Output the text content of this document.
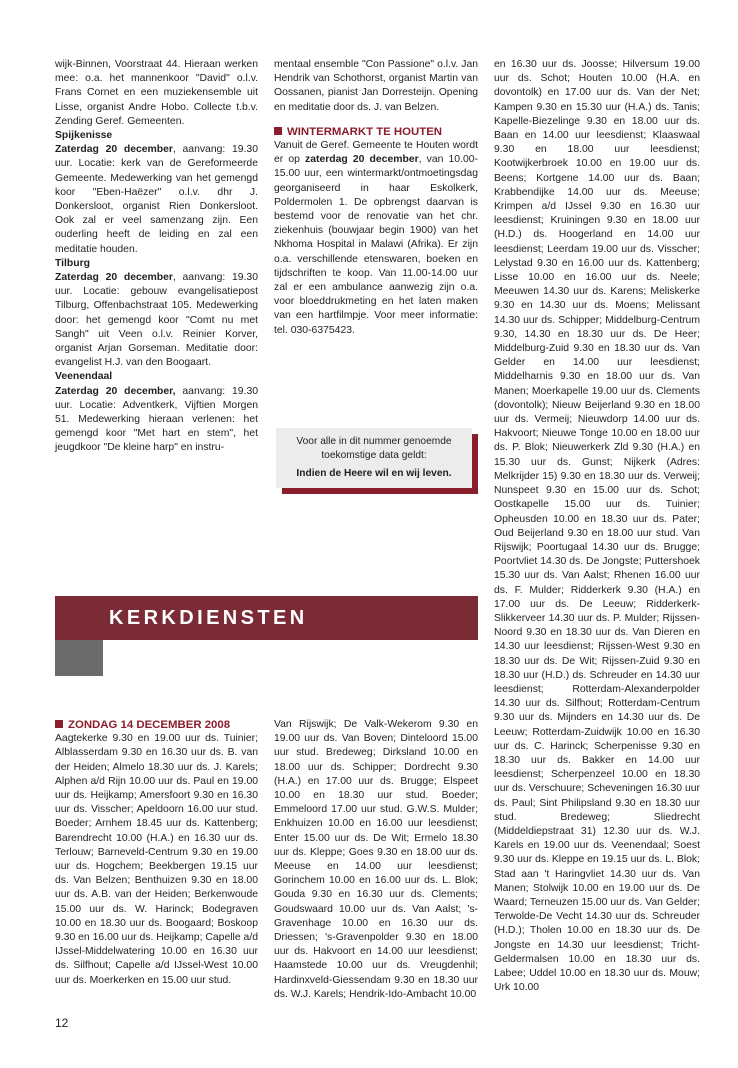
wijk-Binnen, Voorstraat 44. Hieraan werken mee: o.a. het mannenkoor "David" o.l.v. Frans Cornet en een muziekensemble uit Lisse, organist Andre Hobo. Collecte t.b.v. Zending Geref. Gemeenten.

Spijkenisse
Zaterdag 20 december, aanvang: 19.30 uur. Locatie: kerk van de Gereformeerde Gemeente. Medewerking van het gemengd koor "Eben-Haëzer" o.l.v. dhr J. Donkersloot, organist Rien Donkersloot. Ook zal er veel samenzang zijn. Een ouderling heeft de leiding en zal een meditatie houden.

Tilburg
Zaterdag 20 december, aanvang: 19.30 uur. Locatie: gebouw evangelisatiepost Tilburg, Offenbachstraat 105. Medewerking door: het gemengd koor "Comt nu met Sangh" uit Veen o.l.v. Reinier Korver, organist Arjan Gorseman. Meditatie door: evangelist H.J. van den Boogaart.

Veenendaal
Zaterdag 20 december, aanvang: 19.30 uur. Locatie: Adventkerk, Vijftien Morgen 51. Medewerking hieraan verlenen: het gemengd koor "Met hart en stem", het jeugdkoor "De kleine harp" en instru-

mentaal ensemble "Con Passione" o.l.v. Jan Hendrik van Schothorst, organist Martin van Oossanen, pianist Jan Dorresteijn. Opening en meditatie door ds. J. van Belzen.

WINTERMARKT TE HOUTEN

Vanuit de Geref. Gemeente te Houten wordt er op zaterdag 20 december, van 10.00-15.00 uur, een wintermarkt/ontmoetingsdag georganiseerd in haar Eskolkerk, Poldermolen 1. De opbrengst daarvan is bestemd voor de renovatie van het chr. ziekenhuis (bouwjaar begin 1900) van het Nkhoma Hospital in Malawi (Afrika). Er zijn o.a. verschillende etenswaren, boeken en tijdschriften te koop. Van 11.00-14.00 uur zal er een ambulance aanwezig zijn o.a. voor bloeddrukmeting en het laten maken van een hartfilmpje. Voor meer informatie: tel. 030-6375423.

Voor alle in dit nummer genoemde toekomstige data geldt:
Indien de Heere wil en wij leven.

en 16.30 uur ds. Joosse; Hilversum 19.00 uur ds. Schot; Houten 10.00 (H.A. en dovontolk) en 17.00 uur ds. Van der Net; Kampen 9.30 en 15.30 uur (H.A.) ds. Tanis; Kapelle-Biezelinge 9.30 en 18.00 uur ds. Baan en 14.00 uur leesdienst; Klaaswaal 9.30 en 18.00 uur leesdienst; Kootwijkerbroek 10.00 en 19.00 uur ds. Beens; Kortgene 14.00 uur ds. Baan; Krabbendijke 14.00 uur ds. Meeuse; Krimpen a/d IJssel 9.30 en 16.30 uur leesdienst; Kruiningen 9.30 en 18.00 uur (H.D.) ds. Hoogerland en 14.00 uur leesdienst; Leerdam 19.00 uur ds. Visscher; Lelystad 9.30 en 16.00 uur ds. Kattenberg; Lisse 10.00 en 16.00 uur ds. Neele; Meeuwen 14.30 uur ds. Karens; Meliskerke 9.30 en 14.30 uur ds. Moens; Melissant 14.30 uur ds. Schipper; Middelburg-Centrum 9.30, 14.30 en 18.30 uur ds. De Heer; Middelburg-Zuid 9.30 en 18.30 uur ds. Van Gelder en 14.00 uur leesdienst; Middelharnis 9.30 en 18.00 uur ds. Van Manen; Moerkapelle 19.00 uur ds. Clements (dovontolk); Nieuw Beijerland 9.30 en 18.00 uur ds. Vermeij; Nieuwdorp 14.00 uur ds. Hakvoort; Nieuwe Tonge 10.00 en 18.00 uur ds. P. Blok; Nieuwerkerk Zld 9.30 (H.A.) en 15.30 uur ds. Gunst; Nijkerk (Adres: Melkrijder 15) 9.30 en 18.30 uur ds. Verweij; Nunspeet 9.30 en 15.00 uur ds. Schot; Oostkapelle 15.00 uur ds. Tuinier; Opheusden 10.00 en 18.30 uur ds. Pater; Oud Beijerland 9.30 en 18.00 uur stud. Van Rijswijk; Poortugaal 14.30 uur ds. Brugge; Poortvliet 14.30 ds. De Jongste; Puttershoek 15.30 uur ds. Van Aalst; Rhenen 16.00 uur ds. F. Mulder; Ridderkerk 9.30 (H.A.) en 17.00 uur ds. De Leeuw; Ridderkerk-Slikkerveer 14.30 uur ds. P. Mulder; Rijssen-Noord 9.30 en 18.30 uur ds. Van Dieren en 14.30 uur leesdienst; Rijssen-West 9.30 en 18.30 uur ds. De Wit; Rijssen-Zuid 9.30 en 18.30 uur (H.D.) ds. Schreuder en 14.30 uur leesdienst; Rotterdam-Alexanderpolder 14.30 uur ds. Silfhout; Rotterdam-Centrum 9.30 uur ds. Mijnders en 14.30 uur ds. De Leeuw; Rotterdam-Zuidwijk 10.00 en 16.30 uur ds. C. Harinck; Scherpenisse 9.30 en 18.30 uur ds. Bakker en 14.00 uur leesdienst; Scherpenzeel 10.00 en 18.30 uur ds. Verschuure; Scheveningen 16.30 uur ds. Paul; Sint Philipsland 9.30 en 18.30 uur stud. Bredeweg; Sliedrecht (Middeldiepstraat 31) 12.30 uur ds. W.J. Karels en 19.00 uur ds. Veenendaal; Soest 9.30 uur ds. Kleppe en 19.15 uur ds. L. Blok; Stad aan 't Haringvliet 14.30 uur ds. Van Manen; Stolwijk 10.00 en 19.00 uur ds. De Waard; Terneuzen 15.00 uur ds. Van Gelder; Terwolde-De Vecht 14.30 uur ds. Schreuder (H.D.); Tholen 10.00 en 18.30 uur ds. De Jongste en 14.30 uur leesdienst; Tricht-Geldermalsen 10.00 en 18.30 uur ds. Labee; Uddel 10.00 en 18.30 uur ds. Mouw; Urk 10.00

KERKDIENSTEN
ZONDAG 14 DECEMBER 2008

Aagtekerke 9.30 en 19.00 uur ds. Tuinier; Alblasserdam 9.30 en 16.30 uur ds. B. van der Heiden; Almelo 18.30 uur ds. J. Karels; Alphen a/d Rijn 10.00 uur ds. Paul en 19.00 uur ds. Heijkamp; Amersfoort 9.30 en 16.30 uur ds. Visscher; Apeldoorn 16.00 uur stud. Boeder; Arnhem 18.45 uur ds. Kattenberg; Barendrecht 10.00 (H.A.) en 16.30 uur ds. Terlouw; Barneveld-Centrum 9.30 en 19.00 uur ds. Hogchem; Beekbergen 19.15 uur ds. Van Belzen; Benthuizen 9.30 en 18.00 uur ds. A.B. van der Heiden; Berkenwoude 15.00 uur ds. W. Harinck; Bodegraven 10.00 en 18.30 uur ds. Boogaard; Boskoop 9.30 en 16.00 uur ds. Heijkamp; Capelle a/d IJssel-Middelwatering 10.00 en 16.30 uur ds. Silfhout; Capelle a/d IJssel-West 10.00 uur ds. Moerkerken en 15.00 uur stud.

Van Rijswijk; De Valk-Wekerom 9.30 en 19.00 uur ds. Van Boven; Dinteloord 15.00 uur stud. Bredeweg; Dirksland 10.00 en 18.00 uur ds. Schipper; Dordrecht 9.30 (H.A.) en 17.00 uur ds. Brugge; Elspeet 10.00 en 18.30 uur stud. Boeder; Emmeloord 17.00 uur stud. G.W.S. Mulder; Enkhuizen 10.00 en 16.00 uur leesdienst; Enter 15.00 uur ds. De Wit; Ermelo 18.30 uur ds. Kleppe; Goes 9.30 en 18.00 uur ds. Meeuse en 14.00 uur leesdienst; Gorinchem 10.00 en 16.00 uur ds. L. Blok; Gouda 9.30 en 16.30 uur ds. Clements; Goudswaard 10.00 uur ds. Van Aalst; 's-Gravenhage 10.00 en 16.30 uur ds. Driessen; 's-Gravenpolder 9.30 en 18.00 uur ds. Hakvoort en 14.00 uur leesdienst; Haamstede 10.00 uur ds. Vreugdenhil; Hardinxveld-Giessendam 9.30 en 18.30 uur ds. W.J. Karels; Hendrik-Ido-Ambacht 10.00

12
